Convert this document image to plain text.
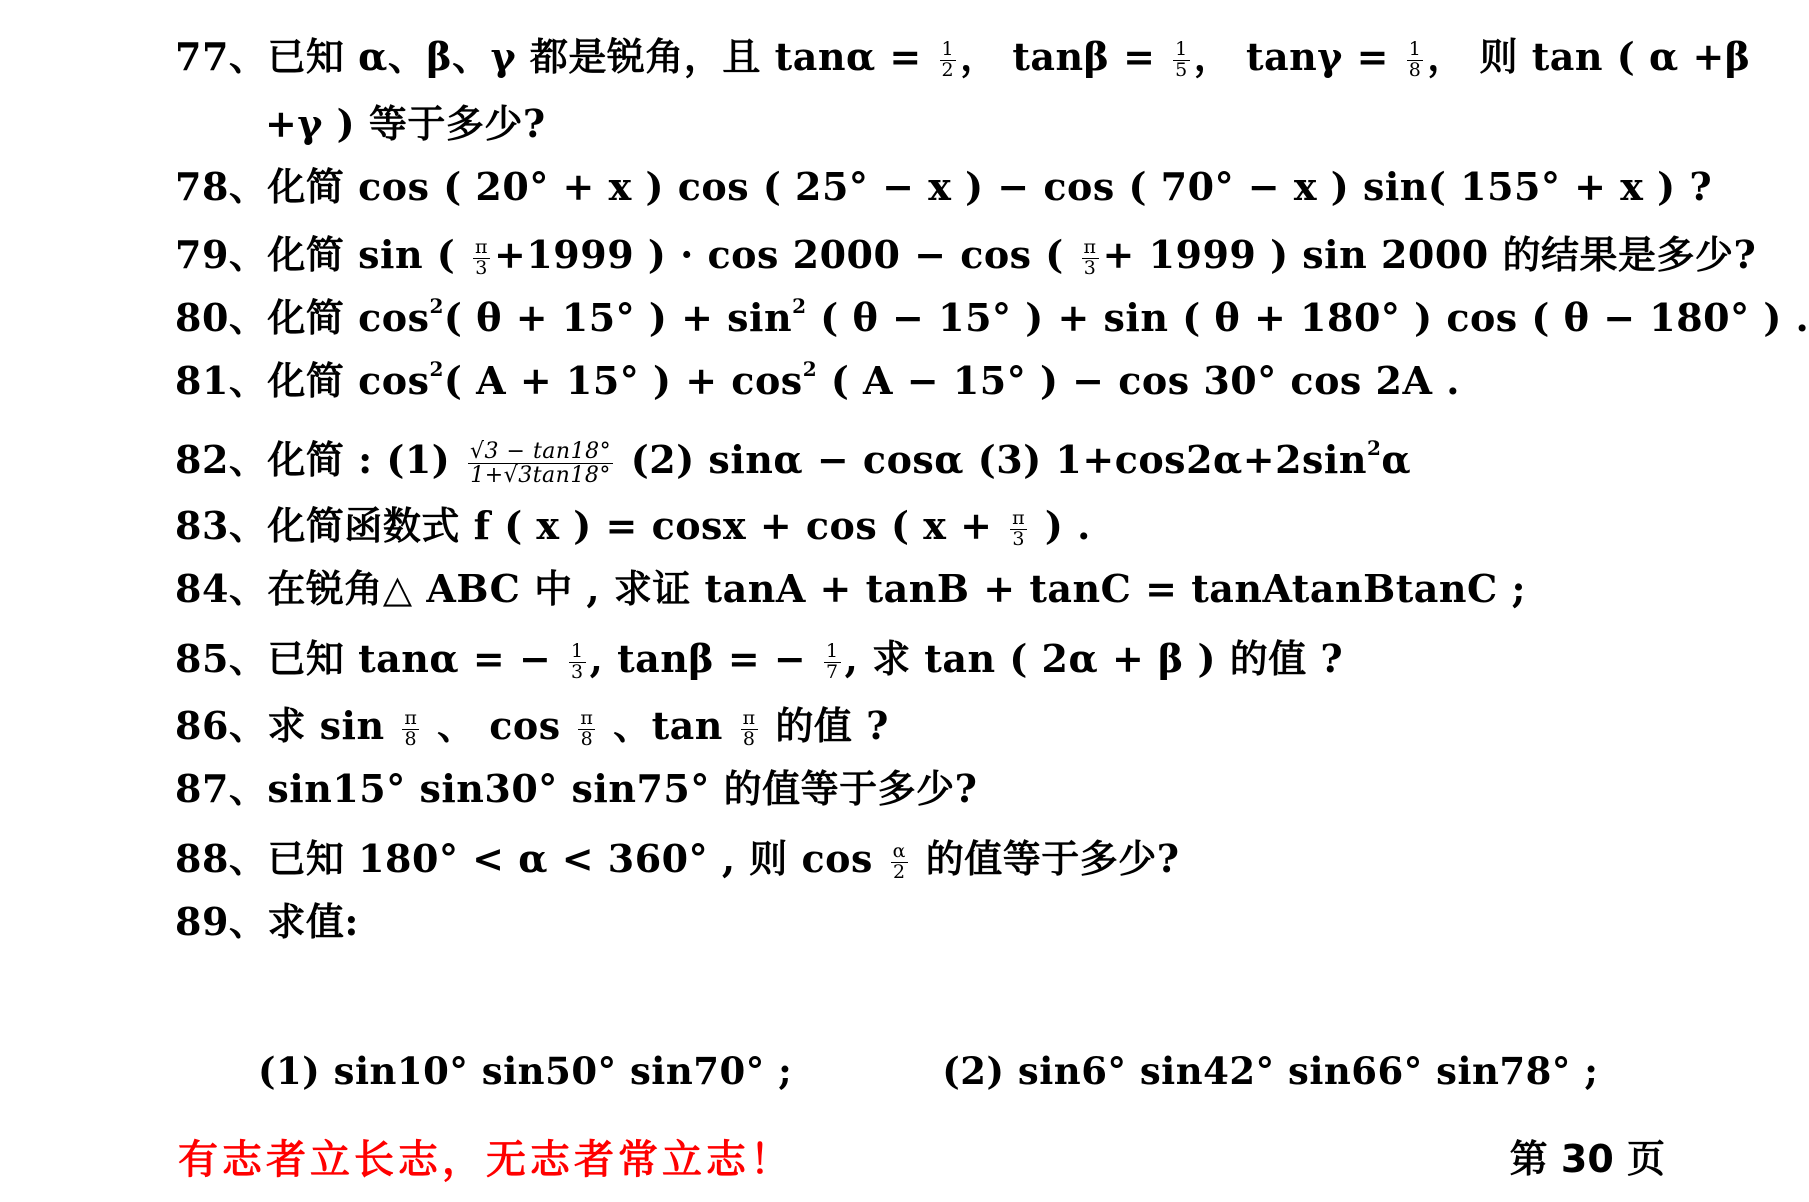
77、已知 α、β、γ 都是锐角，且 $\tan\alpha = \frac{1}{2}$ ， $\tan\beta = \frac{1}{5}$ ， $\tan\gamma = \frac{1}{8}$ ， 则 tan ( α +β
+γ ) 等于多少?
78、化简 cos ( 20° + x ) cos ( 25° − x ) − cos ( 70° − x ) sin( 155° + x ) ?
79、化简 sin ( $\frac{\pi}{3} +1999$ ) · cos 2000 − cos ( $\frac{\pi}{3} + 1999$ ) sin 2000 的结果是多少?
80、化简 $\cos^2$( θ + 15° ) + $\sin^2$ ( θ − 15° ) + sin ( θ + 180° ) cos ( θ − 180° ) .
81、化简 $\cos^2$( A + 15° ) + $\cos^2$ ( A − 15° ) − cos 30° cos 2A .
82、化简 : $(1) \frac{√3 - \tan 18^\circ}{1+√3\tan 18^\circ} (2) \sin\alpha - \cos\alpha$ (3) $1+\cos 2\alpha+2\sin^2\alpha$
83、化简函数式 f ( x ) = cosx + cos ( $x + \frac{\pi}{3}$ ) .
84、在锐角△ ABC 中 , 求证 tanA + tanB + tanC = tanAtanBtanC ;
85、已知 tanα = − $\frac{1}{3}$ , tanβ = − $\frac{1}{7}$ , 求 tan ( 2α + β ) 的值 ?
86、求 $\sin \frac{\pi}{8}$ 、 $\cos \frac{\pi}{8}$ 、$\tan \frac{\pi}{8}$ 的值 ?
87、sin15° sin30° sin75° 的值等于多少?
88、已知 180° < α < 360° , 则 $\cos \frac{\alpha}{2}$ 的值等于多少?
89、求值:
(1) sin10° sin50° sin70° ;	(2) sin6° sin42° sin66° sin78° ;
有志者立长志，无志者常立志！	第 30 页
